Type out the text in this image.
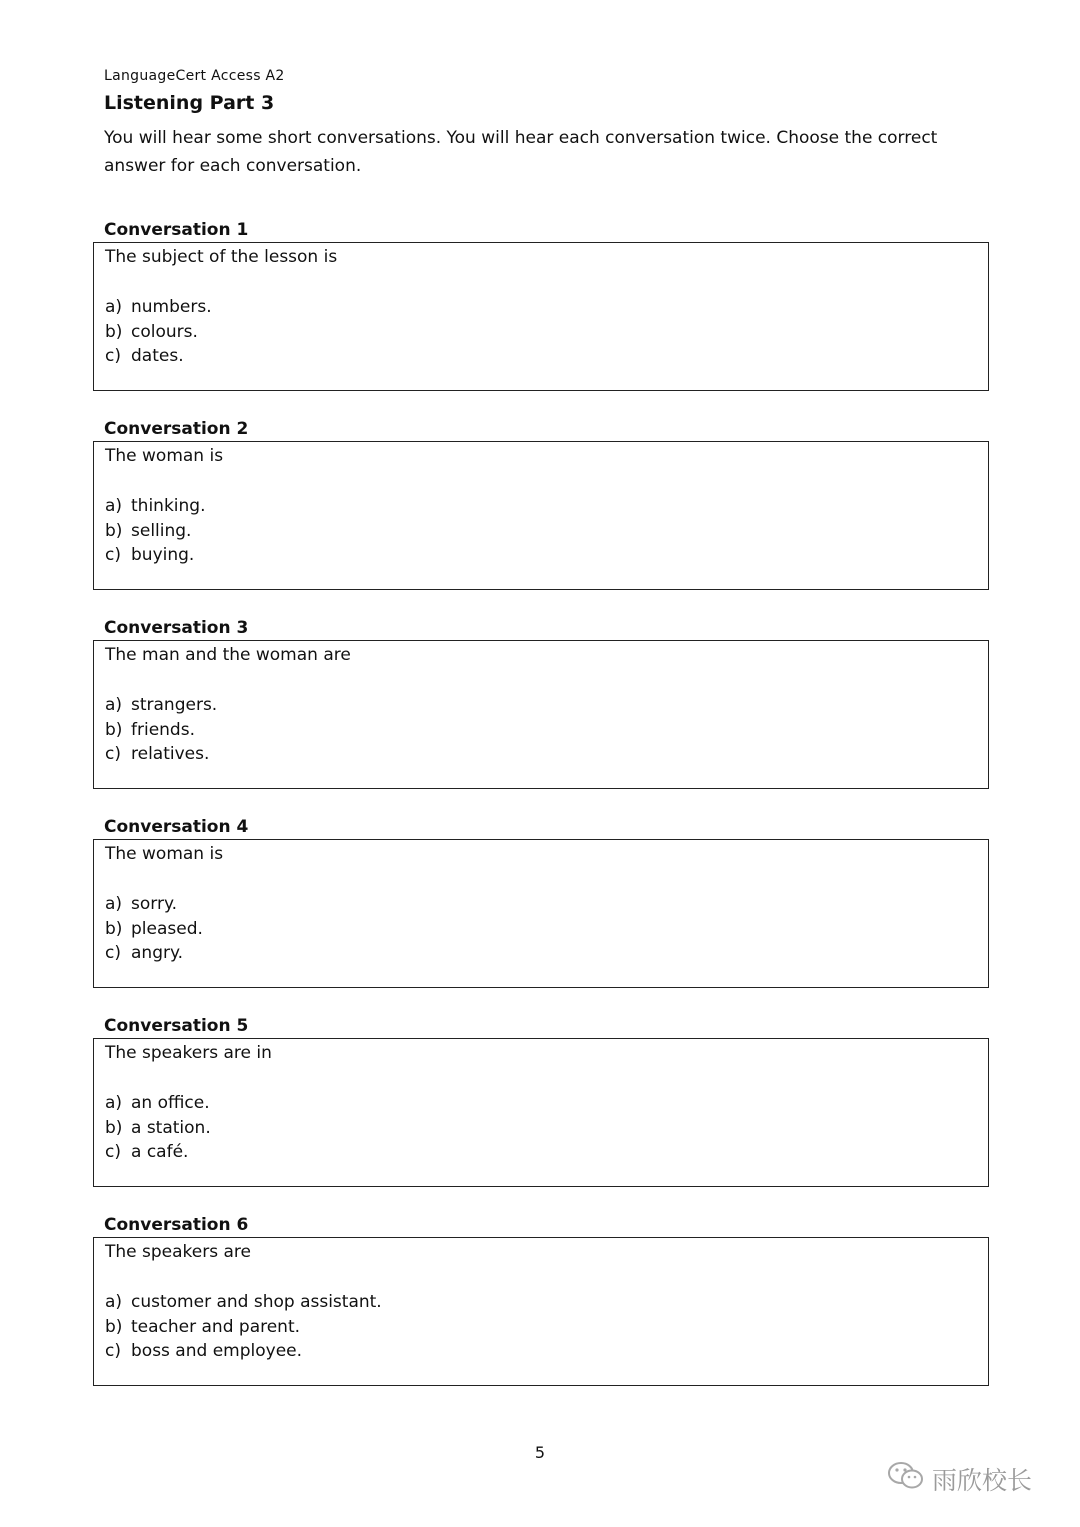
LanguageCert Access A2
Listening Part 3
You will hear some short conversations. You will hear each conversation twice. Choose the correct answer for each conversation.
Conversation 1
The subject of the lesson is
a) numbers.
b) colours.
c) dates.
Conversation 2
The woman is
a) thinking.
b) selling.
c) buying.
Conversation 3
The man and the woman are
a) strangers.
b) friends.
c) relatives.
Conversation 4
The woman is
a) sorry.
b) pleased.
c) angry.
Conversation 5
The speakers are in
a) an office.
b) a station.
c) a café.
Conversation 6
The speakers are
a) customer and shop assistant.
b) teacher and parent.
c) boss and employee.
5
雨欣校长
